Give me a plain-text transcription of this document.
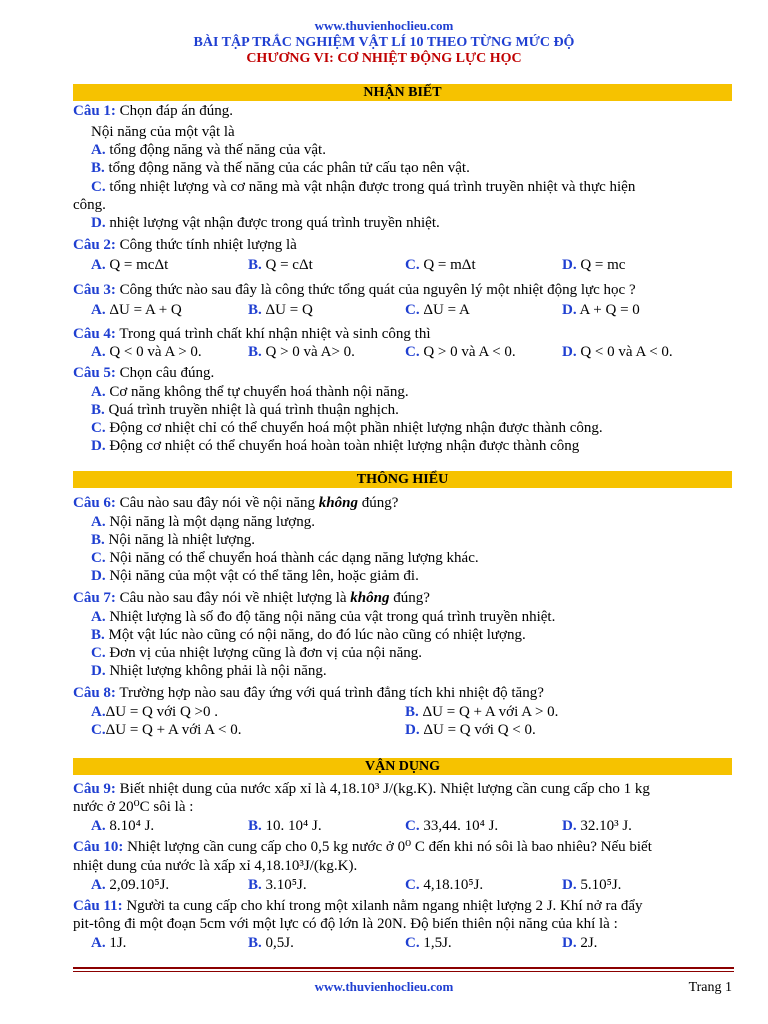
www.thuvienhoclieu.com
BÀI TẬP TRẮC NGHIỆM VẬT LÍ 10 THEO TỪNG MỨC ĐỘ
CHƯƠNG VI: CƠ NHIỆT ĐỘNG LỰC HỌC
NHẬN BIẾT
Câu 1: Chọn đáp án đúng.
Nội năng của một vật là
A. tổng động năng và thế năng của vật.
B. tổng động năng và thế năng của các phân tử cấu tạo nên vật.
C. tổng nhiệt lượng và cơ năng mà vật nhận được trong quá trình truyền nhiệt và thực hiện
công.
D. nhiệt lượng vật nhận được trong quá trình truyền nhiệt.
Câu 2: Công thức tính nhiệt lượng là
A. Q = mcΔt	B. Q = cΔt	C. Q = mΔt	D. Q = mc
Câu 3: Công thức nào sau đây là công thức tổng quát của nguyên lý một nhiệt động lực học ?
A. ΔU = A + Q	B. ΔU = Q	C. ΔU = A	D. A + Q = 0
Câu 4: Trong quá trình chất khí nhận nhiệt và sinh công thì
A. Q < 0 và A > 0.	B. Q > 0 và A> 0.	C. Q > 0 và A < 0.	D. Q < 0 và A < 0.
Câu 5: Chọn câu đúng.
A. Cơ năng không thể tự chuyển hoá thành nội năng.
B. Quá trình truyền nhiệt là quá trình thuận nghịch.
C. Động cơ nhiệt chỉ có thể chuyển hoá một phần nhiệt lượng nhận được thành công.
D. Động cơ nhiệt có thể chuyển hoá hoàn toàn nhiệt lượng nhận được thành công
THÔNG HIỂU
Câu 6: Câu nào sau đây nói về nội năng không đúng?
A. Nội năng là một dạng năng lượng.
B. Nội năng là nhiệt lượng.
C. Nội năng có thể chuyển hoá thành các dạng năng lượng khác.
D. Nội năng của một vật có thể tăng lên, hoặc giảm đi.
Câu 7: Câu nào sau đây nói về nhiệt lượng là không đúng?
A. Nhiệt lượng là số đo độ tăng nội năng của vật trong quá trình truyền nhiệt.
B. Một vật lúc nào cũng có nội năng, do đó lúc nào cũng có nhiệt lượng.
C. Đơn vị của nhiệt lượng cũng là đơn vị của nội năng.
D. Nhiệt lượng không phải là nội năng.
Câu 8: Trường hợp nào sau đây ứng với quá trình đẳng tích khi nhiệt độ tăng?
A.ΔU = Q với Q >0 .	B. ΔU = Q + A với A > 0.
C.ΔU = Q + A với A < 0.	D. ΔU = Q với Q < 0.
VẬN DỤNG
Câu 9: Biết nhiệt dung của nước xấp xỉ là 4,18.10³ J/(kg.K). Nhiệt lượng cần cung cấp cho 1 kg
nước ở 20⁰C sôi là :
A. 8.10⁴ J.	B. 10. 10⁴ J.	C. 33,44. 10⁴ J.	D. 32.10³ J.
Câu 10: Nhiệt lượng cần cung cấp cho 0,5 kg nước ở 0⁰ C đến khi nó sôi là bao nhiêu? Nếu biết
nhiệt dung của nước là xấp xỉ 4,18.10³J/(kg.K).
A. 2,09.10⁵J.	B. 3.10⁵J.	C. 4,18.10⁵J.	D. 5.10⁵J.
Câu 11: Người ta cung cấp cho khí trong một xilanh nằm ngang nhiệt lượng 2 J. Khí nở ra đẩy
pit-tông đi một đoạn 5cm với một lực có độ lớn là 20N. Độ biến thiên nội năng của khí là :
A. 1J.	B. 0,5J.	C. 1,5J.	D. 2J.
www.thuvienhoclieu.com	Trang 1
